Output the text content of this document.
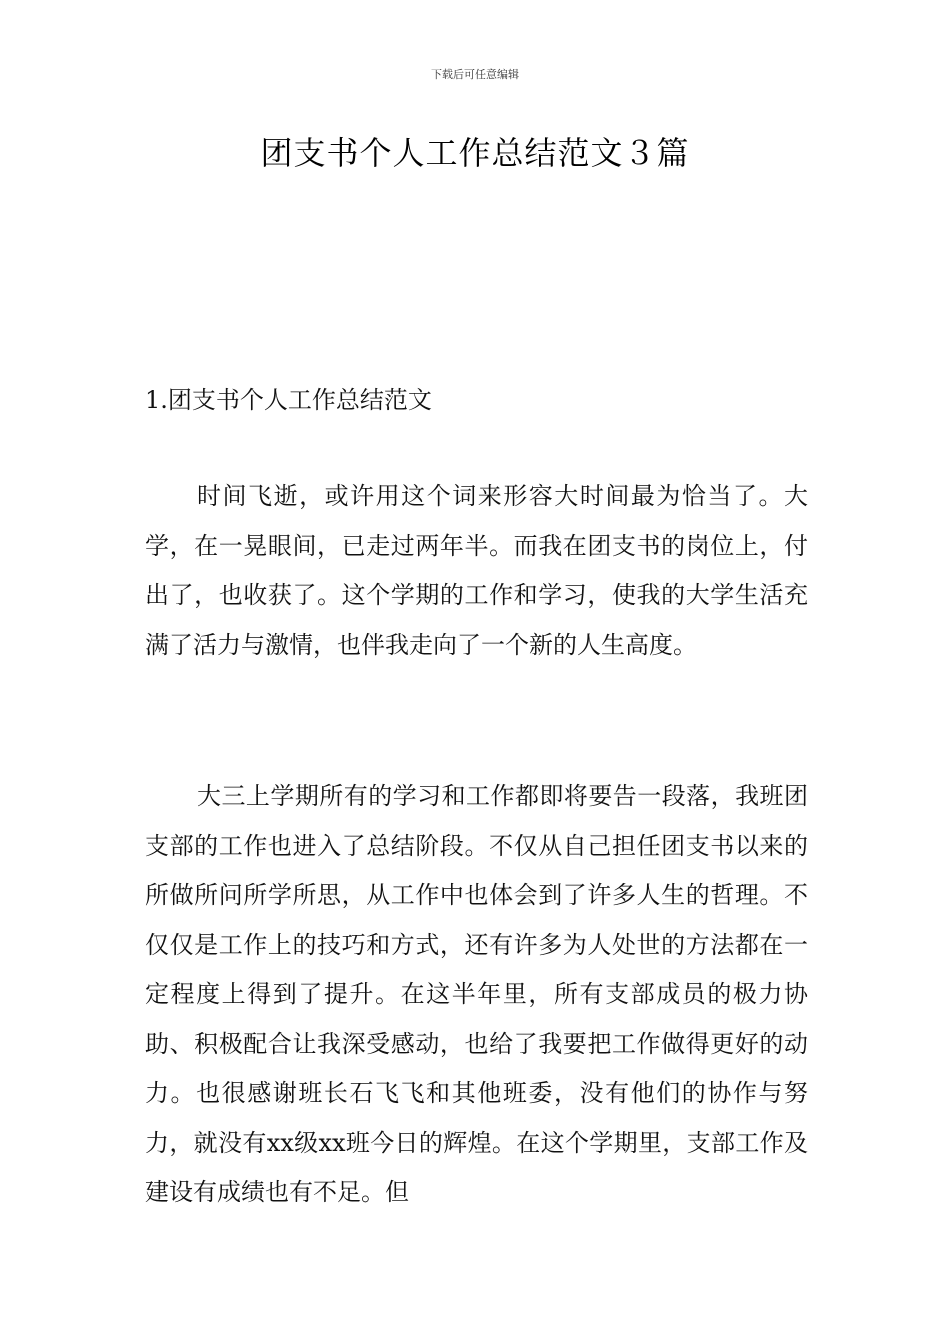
下载后可任意编辑
团支书个人工作总结范文３篇

1.团支书个人工作总结范文

时间飞逝，或许用这个词来形容大时间最为恰当了。大学，在一晃眼间，已走过两年半。而我在团支书的岗位上，付出了，也收获了。这个学期的工作和学习，使我的大学生活充满了活力与激情，也伴我走向了一个新的人生高度。

大三上学期所有的学习和工作都即将要告一段落，我班团支部的工作也进入了总结阶段。不仅从自己担任团支书以来的所做所问所学所思，从工作中也体会到了许多人生的哲理。不仅仅是工作上的技巧和方式，还有许多为人处世的方法都在一定程度上得到了提升。在这半年里，所有支部成员的极力协助、积极配合让我深受感动，也给了我要把工作做得更好的动力。也很感谢班长石飞飞和其他班委，没有他们的协作与努力，就没有xx级xx班今日的辉煌。在这个学期里，支部工作及建设有成绩也有不足。但
